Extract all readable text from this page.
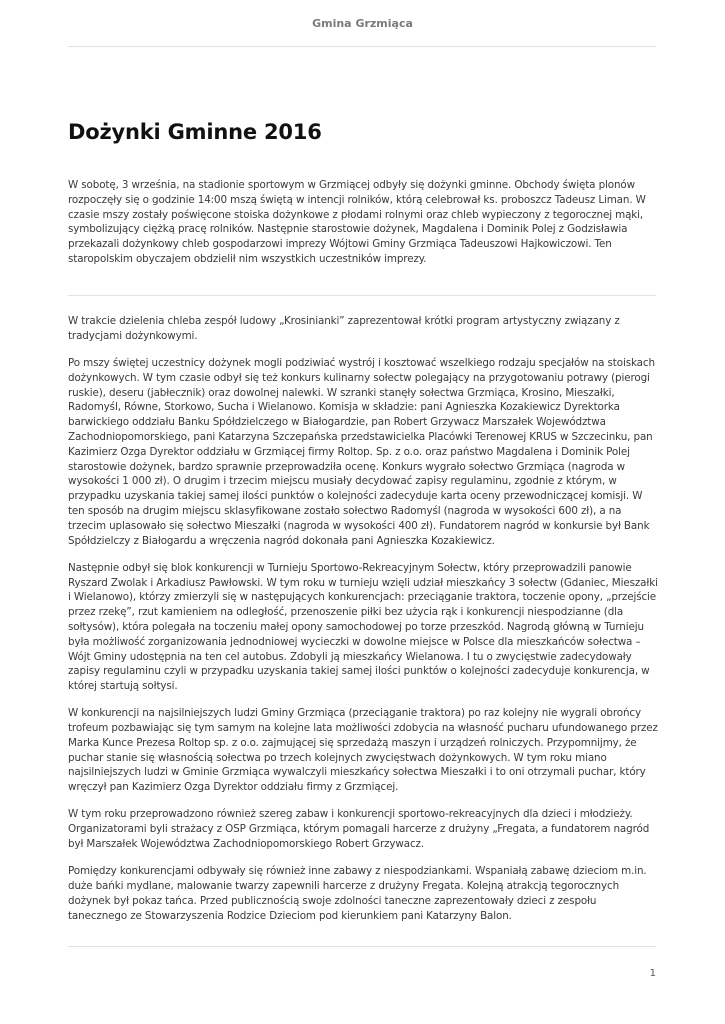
Gmina Grzmiąca
Dożynki Gminne 2016

W sobotę, 3 września, na stadionie sportowym w Grzmiącej odbyły się dożynki gminne. Obchody święta plonów rozpoczęły się o godzinie 14:00 mszą świętą w intencji rolników, którą celebrował ks. proboszcz Tadeusz Liman. W czasie mszy zostały poświęcone stoiska dożynkowe z płodami rolnymi oraz chleb wypieczony z tegorocznej mąki, symbolizujący ciężką pracę rolników. Następnie starostowie dożynek, Magdalena i Dominik Polej z Godzisławia przekazali dożynkowy chleb gospodarzowi imprezy Wójtowi Gminy Grzmiąca Tadeuszowi Hajkowiczowi. Ten staropolskim obyczajem obdzielił nim wszystkich uczestników imprezy.

W trakcie dzielenia chleba zespół ludowy „Krosinianki” zaprezentował krótki program artystyczny związany z tradycjami dożynkowymi.

Po mszy świętej uczestnicy dożynek mogli podziwiać wystrój i kosztować wszelkiego rodzaju specjałów na stoiskach dożynkowych. W tym czasie odbył się też konkurs kulinarny sołectw polegający na przygotowaniu potrawy (pierogi ruskie), deseru (jabłecznik) oraz dowolnej nalewki. W szranki stanęły sołectwa Grzmiąca, Krosino, Mieszałki, Radomyśl, Równe, Storkowo, Sucha i Wielanowo. Komisja w składzie: pani Agnieszka Kozakiewicz Dyrektorka barwickiego oddziału Banku Spółdzielczego w Białogardzie, pan Robert Grzywacz Marszałek Województwa Zachodniopomorskiego, pani Katarzyna Szczepańska przedstawicielka Placówki Terenowej KRUS w Szczecinku, pan Kazimierz Ozga Dyrektor oddziału w Grzmiącej firmy Roltop. Sp. z o.o. oraz państwo Magdalena i Dominik Polej starostowie dożynek, bardzo sprawnie przeprowadziła ocenę. Konkurs wygrało sołectwo Grzmiąca (nagroda w wysokości 1 000 zł). O drugim i trzecim miejscu musiały decydować zapisy regulaminu, zgodnie z którym, w przypadku uzyskania takiej samej ilości punktów o kolejności zadecyduje karta oceny przewodniczącej komisji. W ten sposób na drugim miejscu sklasyfikowane zostało sołectwo Radomyśl (nagroda w wysokości 600 zł), a na trzecim uplasowało się sołectwo Mieszałki (nagroda w wysokości 400 zł). Fundatorem nagród w konkursie był Bank Spółdzielczy z Białogardu a wręczenia nagród dokonała pani Agnieszka Kozakiewicz.

Następnie odbył się blok konkurencji w Turnieju Sportowo-Rekreacyjnym Sołectw, który przeprowadzili panowie Ryszard Zwolak i Arkadiusz Pawłowski. W tym roku w turnieju wzięli udział mieszkańcy 3 sołectw (Gdaniec, Mieszałki i Wielanowo), którzy zmierzyli się w następujących konkurencjach: przeciąganie traktora, toczenie opony, „przejście przez rzekę”, rzut kamieniem na odległość, przenoszenie piłki bez użycia rąk i konkurencji niespodzianne (dla sołtysów), która polegała na toczeniu małej opony samochodowej po torze przeszkód. Nagrodą główną w Turnieju była możliwość zorganizowania jednodniowej wycieczki w dowolne miejsce w Polsce dla mieszkańców sołectwa – Wójt Gminy udostępnia na ten cel autobus. Zdobyli ją mieszkańcy Wielanowa. I tu o zwycięstwie zadecydowały zapisy regulaminu czyli w przypadku uzyskania takiej samej ilości punktów o kolejności zadecyduje konkurencja, w której startują sołtysi.

W konkurencji na najsilniejszych ludzi Gminy Grzmiąca (przeciąganie traktora) po raz kolejny nie wygrali obrońcy trofeum pozbawiając się tym samym na kolejne lata możliwości zdobycia na własność pucharu ufundowanego przez Marka Kunce Prezesa Roltop sp. z o.o. zajmującej się sprzedażą maszyn i urządzeń rolniczych. Przypomnijmy, że puchar stanie się własnością sołectwa po trzech kolejnych zwycięstwach dożynkowych. W tym roku miano najsilniejszych ludzi w Gminie Grzmiąca wywalczyli mieszkańcy sołectwa Mieszałki i to oni otrzymali puchar, który wręczył pan Kazimierz Ozga Dyrektor oddziału firmy z Grzmiącej.

W tym roku przeprowadzono również szereg zabaw i konkurencji sportowo-rekreacyjnych dla dzieci i młodzieży. Organizatorami byli strażacy z OSP Grzmiąca, którym pomagali harcerze z drużyny „Fregata, a fundatorem nagród był Marszałek Województwa Zachodniopomorskiego Robert Grzywacz.

Pomiędzy konkurencjami odbywały się również inne zabawy z niespodziankami. Wspaniałą zabawę dzieciom m.in. duże bańki mydlane, malowanie twarzy zapewnili harcerze z drużyny Fregata. Kolejną atrakcją tegorocznych dożynek był pokaz tańca. Przed publicznością swoje zdolności taneczne zaprezentowały dzieci z zespołu tanecznego ze Stowarzyszenia Rodzice Dzieciom pod kierunkiem pani Katarzyny Balon.

1
